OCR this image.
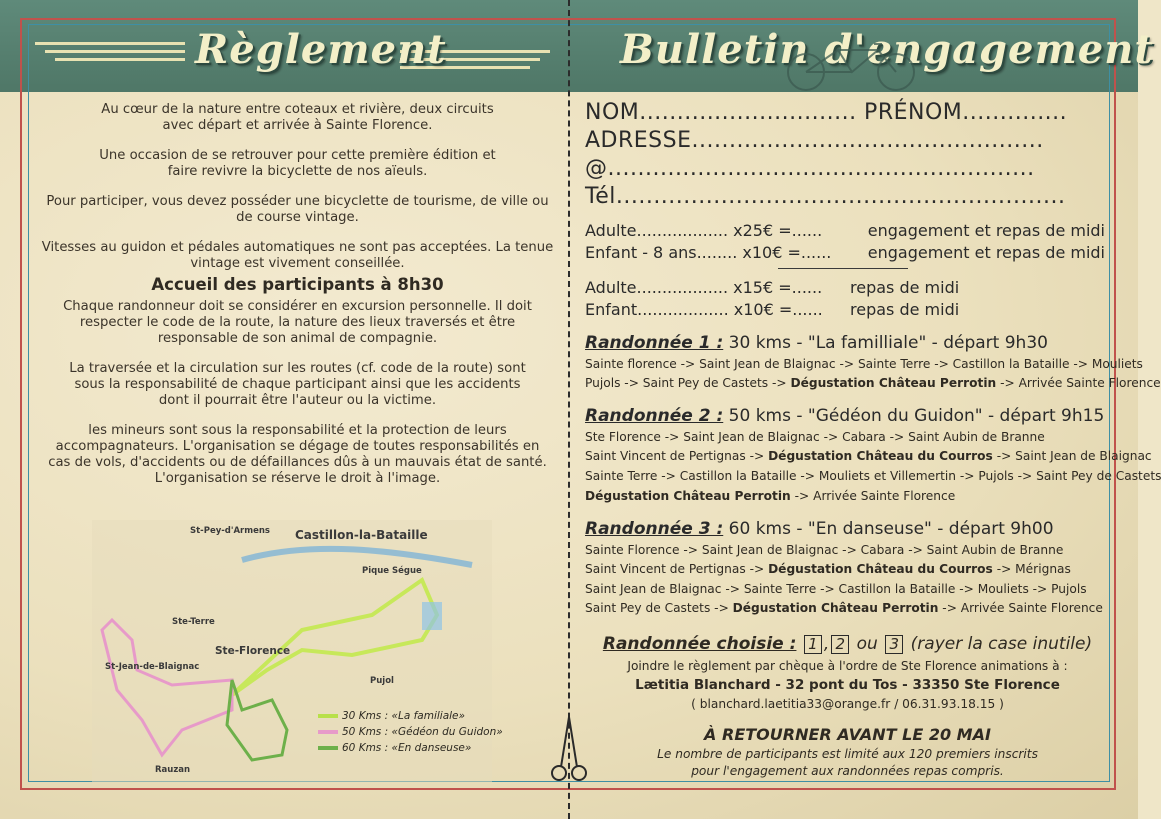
Règlement	Bulletin d'engagement

Au cœur de la nature entre coteaux et rivière, deux circuits avec départ et arrivée à Sainte Florence.

Une occasion de se retrouver pour cette première édition et faire revivre la bicyclette de nos aïeuls.

Pour participer, vous devez posséder une bicyclette de tourisme, de ville ou de course vintage.

Vitesses au guidon et pédales automatiques ne sont pas acceptées. La tenue vintage est vivement conseillée.

Accueil des participants à 8h30

Chaque randonneur doit se considérer en excursion personnelle. Il doit respecter le code de la route, la nature des lieux traversés et être responsable de son animal de compagnie.

La traversée et la circulation sur les routes (cf. code de la route) sont sous la responsabilité de chaque participant ainsi que les accidents dont il pourrait être l'auteur ou la victime.

les mineurs sont sous la responsabilité et la protection de leurs accompagnateurs. L'organisation se dégage de toutes responsabilités en cas de vols, d'accidents ou de défaillances dûs à un mauvais état de santé. L'organisation se réserve le droit à l'image.

St-Pey-d'Armens Castillon-la-Bataille
Pique Ségue
Ste-Terre
Ste-Florence
St-Jean-de-Blaignac
Pujol
Rauzan
30 Kms : «La familiale»
50 Kms : «Gédéon du Guidon»
60 Kms : «En danseuse»
NOM............................. PRÉNOM..............
ADRESSE...............................................
@.........................................................
Tél............................................................
Adulte.................. x25€ =......	engagement et repas de midi
Enfant - 8 ans........ x10€ =...... engagement et repas de midi
Adulte.................. x15€ =...... repas de midi
Enfant.................. x10€ =...... repas de midi
Randonnée 1 : 30 kms - "La familliale" - départ 9h30
Sainte florence -> Saint Jean de Blaignac -> Sainte Terre -> Castillon la Bataille -> Mouliets
Pujols -> Saint Pey de Castets -> Dégustation Château Perrotin -> Arrivée Sainte Florence
Randonnée 2 : 50 kms - "Gédéon du Guidon" - départ 9h15
Ste Florence -> Saint Jean de Blaignac -> Cabara -> Saint Aubin de Branne
Saint Vincent de Pertignas -> Dégustation Château du Courros -> Saint Jean de Blaignac
Sainte Terre -> Castillon la Bataille -> Mouliets et Villemertin -> Pujols -> Saint Pey de Castets
Dégustation Château Perrotin -> Arrivée Sainte Florence
Randonnée 3 : 60 kms - "En danseuse" - départ 9h00
Sainte Florence -> Saint Jean de Blaignac -> Cabara -> Saint Aubin de Branne
Saint Vincent de Pertignas -> Dégustation Château du Courros -> Mérignas
Saint Jean de Blaignac -> Sainte Terre -> Castillon la Bataille -> Mouliets -> Pujols
Saint Pey de Castets -> Dégustation Château Perrotin -> Arrivée Sainte Florence
Randonnée choisie : 1 , 2 ou 3 (rayer la case inutile)
Joindre le règlement par chèque à l'ordre de Ste Florence animations à :
Lætitia Blanchard - 32 pont du Tos - 33350 Ste Florence
( blanchard.laetitia33@orange.fr / 06.31.93.18.15 )
À RETOURNER AVANT LE 20 MAI
Le nombre de participants est limité aux 120 premiers inscrits
pour l'engagement aux randonnées repas compris.
